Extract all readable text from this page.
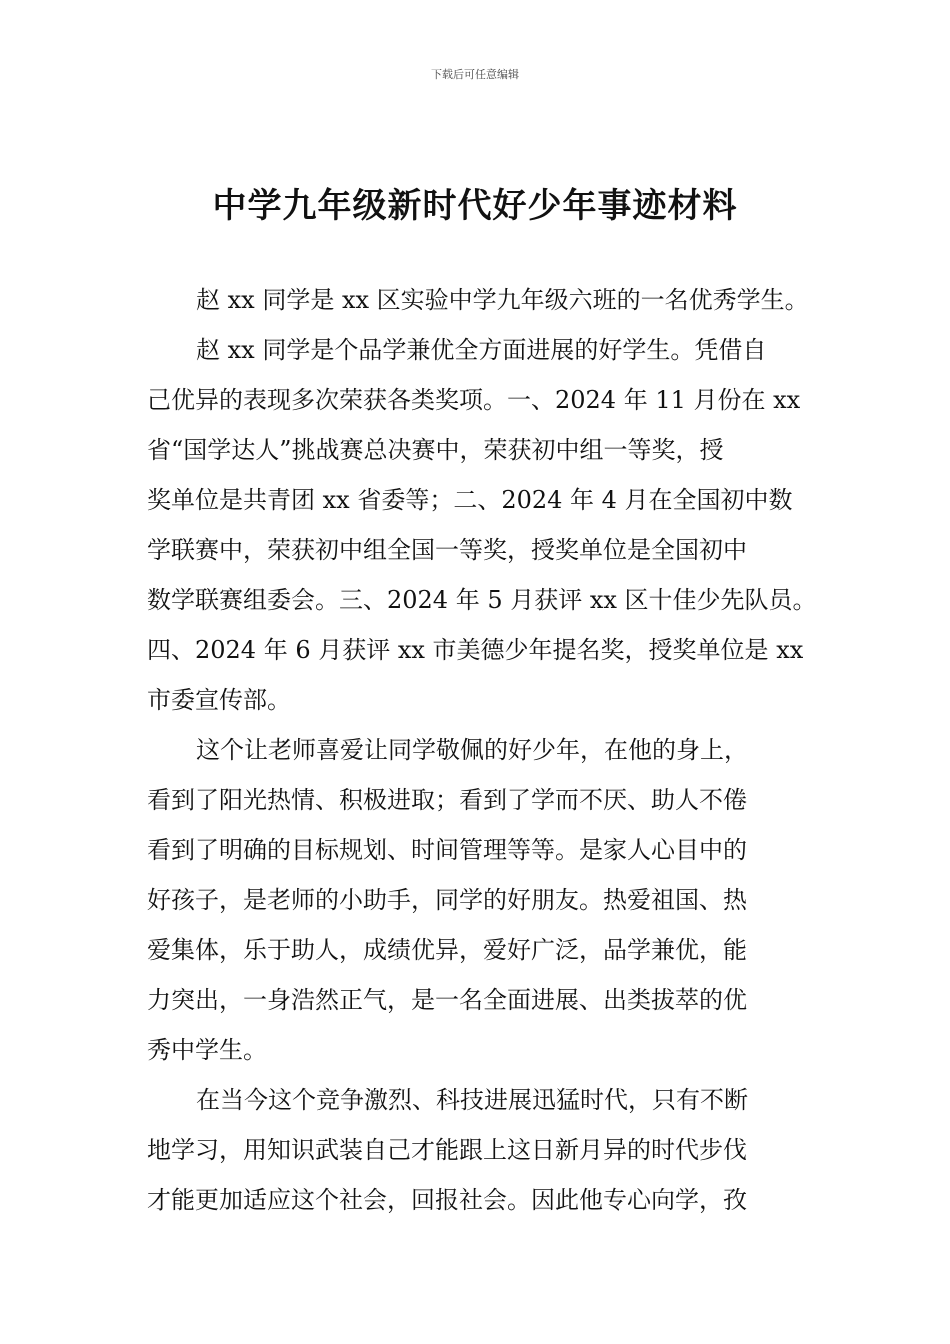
下载后可任意编辑
中学九年级新时代好少年事迹材料
赵 xx 同学是 xx 区实验中学九年级六班的一名优秀学生。
赵 xx 同学是个品学兼优全方面进展的好学生。凭借自
己优异的表现多次荣获各类奖项。一、2024 年 11 月份在 xx
省“国学达人”挑战赛总决赛中，荣获初中组一等奖，授
奖单位是共青团 xx 省委等；二、2024 年 4 月在全国初中数
学联赛中，荣获初中组全国一等奖，授奖单位是全国初中
数学联赛组委会。三、2024 年 5 月获评 xx 区十佳少先队员。
四、2024 年 6 月获评 xx 市美德少年提名奖，授奖单位是 xx
市委宣传部。
这个让老师喜爱让同学敬佩的好少年，在他的身上，
看到了阳光热情、积极进取；看到了学而不厌、助人不倦
看到了明确的目标规划、时间管理等等。是家人心目中的
好孩子，是老师的小助手，同学的好朋友。热爱祖国、热
爱集体，乐于助人，成绩优异，爱好广泛，品学兼优，能
力突出，一身浩然正气，是一名全面进展、出类拔萃的优
秀中学生。
在当今这个竞争激烈、科技进展迅猛时代，只有不断
地学习，用知识武装自己才能跟上这日新月异的时代步伐
才能更加适应这个社会，回报社会。因此他专心向学，孜
